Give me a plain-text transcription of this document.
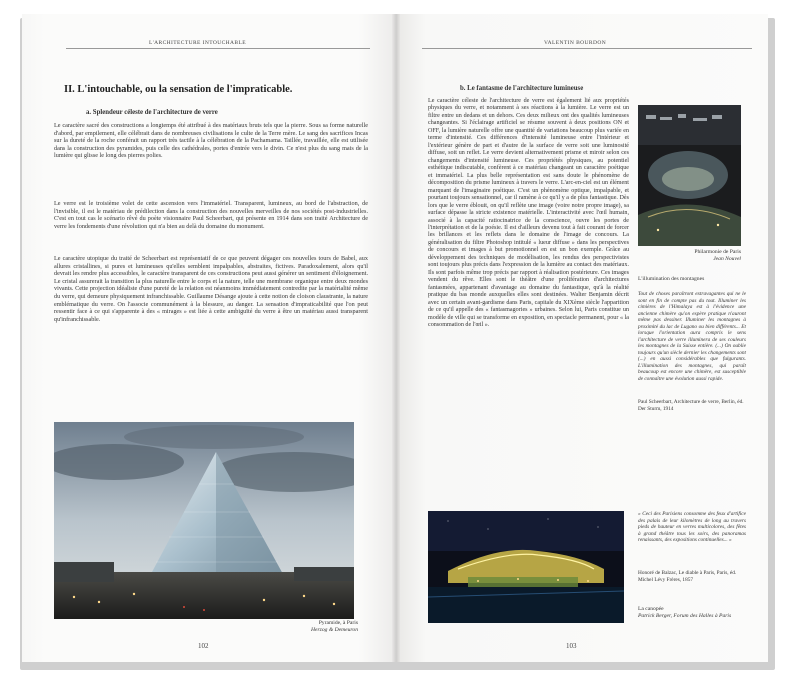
L'ARCHITECTURE INTOUCHABLE
II. L'intouchable, ou la sensation de l'impraticable.
a. Splendeur céleste de l'architecture de verre

Le caractère sacré des constructions a longtemps été attribué à des matériaux bruts tels que la pierre. Sous sa forme naturelle d'abord, par empilement, elle célébrait dans de nombreuses civilisations le culte de la Terre mère. Le sang des sacrifices Incas sur la dureté de la roche conférait un rapport très tactile à la célébration de la Pachamama. Taillée, travaillée, elle est utilisée dans la construction des pyramides, puis celle des cathédrales, portes d'entrée vers le divin. Ce n'est plus du sang mais de la lumière qui glisse le long des pierres polies.

Le verre est le troisième volet de cette ascension vers l'immatériel. Transparent, lumineux, au bord de l'abstraction, de l'invisible, il est le matériau de prédilection dans la construction des nouvelles merveilles de nos sociétés post-industrielles. C'est en tout cas le scénario rêvé du poète visionnaire Paul Scheerbart, qui présente en 1914 dans son traité Architecture de verre les fondements d'une révolution qui n'a bien au delà du domaine du monument.

Le caractère utopique du traité de Scheerbart est représentatif de ce que peuvent dégager ces nouvelles tours de Babel, aux allures cristallines, si pures et lumineuses qu'elles semblent impalpables, abstraites, fictives. Paradoxalement, alors qu'il devrait les rendre plus accessibles, le caractère transparent de ces constructions peut aussi générer un sentiment d'éloignement. Le cristal assurerait la transition la plus naturelle entre le corps et la nature, telle une membrane organique entre deux mondes vivants. Cette projection idéaliste d'une pureté de la relation est néanmoins immédiatement contredite par la matérialité même du verre, qui demeure physiquement infranchissable. Guillaume Désange ajoute à cette notion de cloison claustrante, la nature emblématique du verre. On l'associe communément à la blessure, au danger. La sensation d'impraticabilité que l'on peut ressentir face à ce qui s'apparente à des « mirages » est liée à cette ambiguïté du verre à être un matériau aussi transparent qu'infranchissable.

Pyramide, à Paris
Herzog & Demeuron
102
VALENTIN BOURDON
b. Le fantasme de l'architecture lumineuse

Le caractère céleste de l'architecture de verre est également lié aux propriétés physiques du verre, et notamment à ses réactions à la lumière. Le verre est un filtre entre un dedans et un dehors. Ces deux milieux ont des qualités lumineuses changeantes. Si l'éclairage artificiel se résume souvent à deux positions ON et OFF, la lumière naturelle offre une quantité de variations beaucoup plus variée en terme d'intensité. Ces différences d'intensité lumineuse entre l'intérieur et l'extérieur génère de part et d'autre de la surface de verre soit une luminosité diffuse, soit un reflet. Le verre devient alternativement prisme et miroir selon ces changements d'intensité lumineuse. Ces propriétés physiques, au potentiel esthétique indiscutable, confèrent à ce matériau changeant un caractère poétique et immatériel. La plus belle représentation est sans doute le phénomène de décomposition du prisme lumineux à travers le verre. L'arc-en-ciel est un élément marquant de l'imaginaire poétique. C'est un phénomène optique, impalpable, et pourtant toujours sensationnel, car il ramène à ce qu'il y a de plus fantastique. Dès lors que le verre éblouit, on qu'il reflète une image (voire notre propre image), sa surface dépasse la stricte existence matérielle. L'interactivité avec l'œil humain, associé à la capacité ratiocinatrice de la conscience, ouvre les portes de l'interprétation et de la poésie. Il est d'ailleurs devenu tout à fait courant de forcer les brillances et les reflets dans le domaine de l'image de concours. La généralisation du filtre Photoshop intitulé « lueur diffuse » dans les perspectives de concours et images à but promotionnel en est un bon exemple. Grâce au développement des techniques de modélisation, les rendus des perspectivistes sont toujours plus précis dans l'expression de la lumière au contact des matériaux. Ils sont parfois même trop précis par rapport à réalisation postérieure. Ces images vendent du rêve. Elles sont le théâtre d'une prolifération d'architectures fantasmées, appartenant d'avantage au domaine du fantastique, qu'à la réalité pratique du bas monde auxquelles elles sont destinées. Walter Benjamin décrit avec un certain avant-gardisme dans Paris, capitale du XIXème siècle l'apparition de ce qu'il appelle des « fantasmagories » urbaines. Selon lui, Paris constitue un modèle de ville qui se transforme en exposition, en spectacle permanent, pour « la consommation de l'œil ».

Philarmonie de Paris
Jean Nouvel
L'illumination des montagnes
Tout de choses paraîtront extravagantes qui ne le sont en fin de compte pas du tout. Illuminer les cimières de l'Himalaya est à l'évidence une ancienne chimère qu'on espère pratique n'auront même pas dessiner. Illuminer les montagnes à proximité du lac de Lugano ou bien différents... Et lorsque l'orientation aura compris le sens l'architecture de verre illuminera de ses couleurs les montagnes de la Suisse entière. (...) On oublie toujours qu'un siècle dernier les changements sont (...) en aussi considérables que fulgurants. L'illumination des montagnes, qui paraît beaucoup est encore une chimère, est susceptible de connaître une évolution aussi rapide.
Paul Scheerbart, Architecture de verre, Berlin, éd. Der Sturm, 1914
« Ceci des Parisiens consomme des feux d'artifice des palais de leur kilomètres de long au travers pieds de hauteur en verres multicolores, des fêtes à grand théâtre tous les soirs, des panoramas renaissants, des expositions continuelles... »
Honoré de Balzac, Le diable à Paris, Paris, éd. Michel Lévy Frères, 1857
La canopée
Patrick Berger, Forum des Halles à Paris
103
